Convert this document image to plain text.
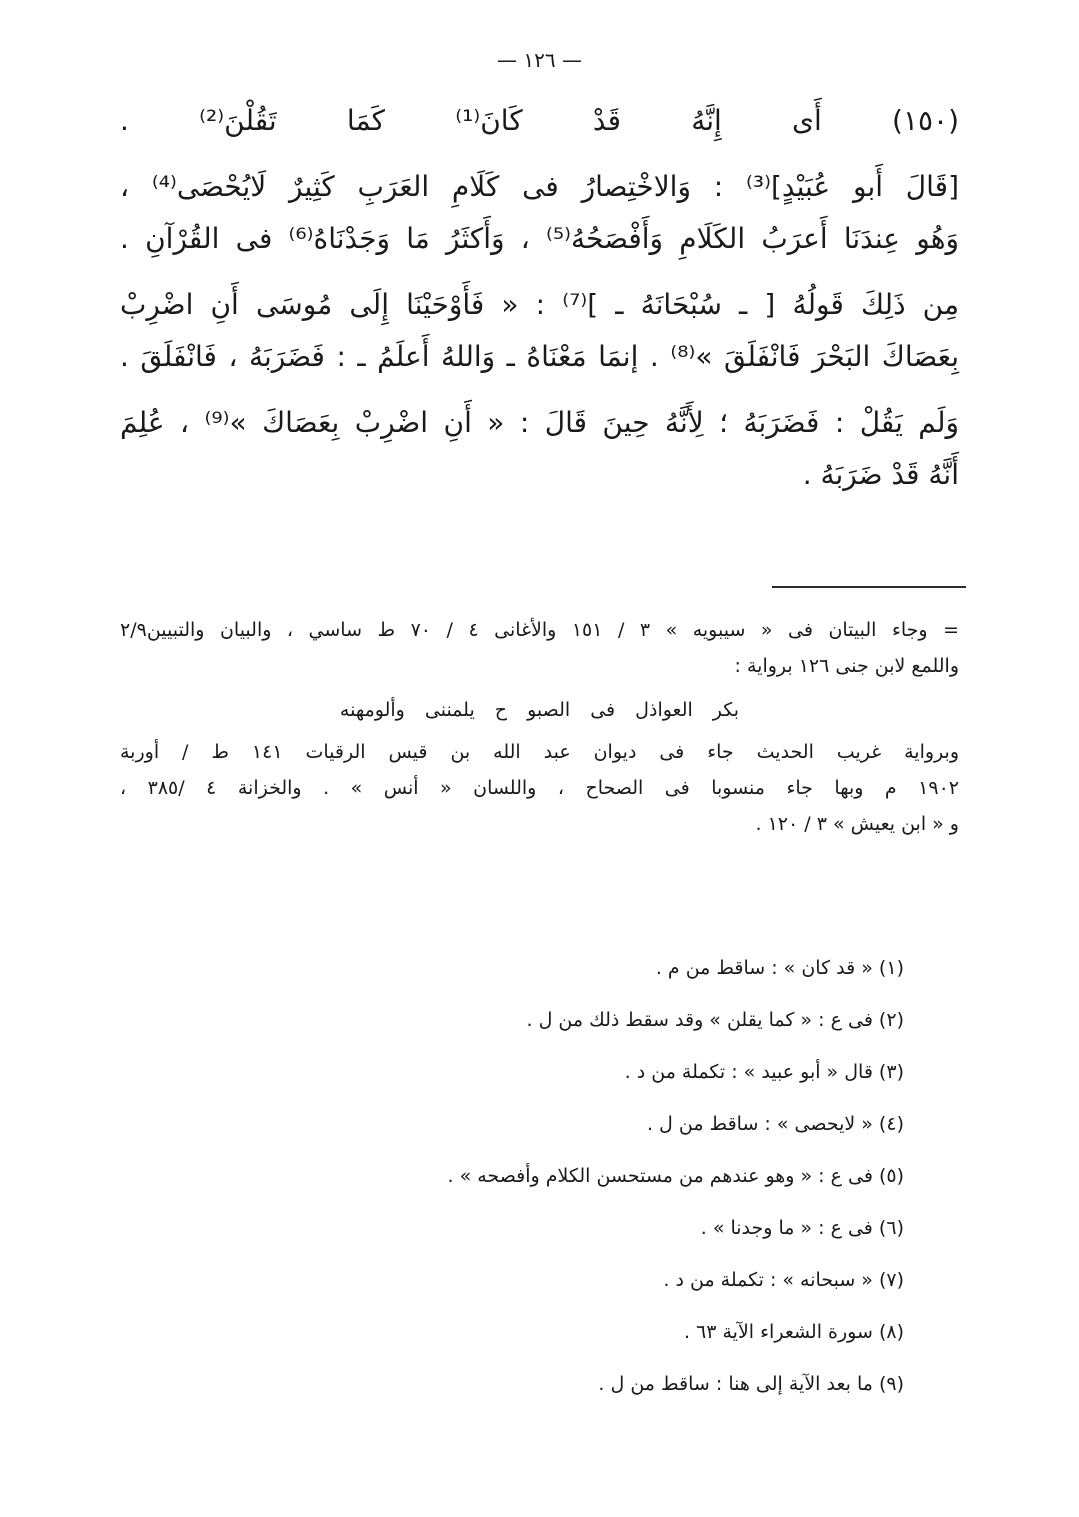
— ١٢٦ —
(١٥٠) أَى إِنَّهُ قَدْ كَانَ⁽¹⁾ كَمَا تَقُلْنَ⁽²⁾ .
[قَالَ أَبو عُبَيْدٍ]⁽³⁾ : وَالاخْتِصارُ فى كَلَامِ العَرَبِ كَثِيرٌ لَايُحْصَى⁽⁴⁾ ،
وَهُو عِندَنَا أَعرَبُ الكَلَامِ وَأَفْصَحُهُ⁽⁵⁾ ، وَأَكثَرُ مَا وَجَدْنَاهُ⁽⁶⁾ فى القُرْآنِ .
مِن ذَلِكَ قَولُهُ [ ـ سُبْحَانَهُ ـ ]⁽⁷⁾ : « فَأَوْحَيْنَا إِلَى مُوسَى أَنِ اضْرِبْ
بِعَصَاكَ البَحْرَ فَانْفَلَقَ »⁽⁸⁾ . إنمَا مَعْنَاهُ ـ وَاللهُ أَعلَمُ ـ : فَضَرَبَهُ ، فَانْفَلَقَ .
وَلَم يَقُلْ : فَضَرَبَهُ ؛ لِأَنَّهُ حِينَ قَالَ : « أَنِ اضْرِبْ بِعَصَاكَ »⁽⁹⁾ ، عُلِمَ
أَنَّهُ قَدْ ضَرَبَهُ .
= وجاء البيتان فى « سيبويه » ٣ / ١٥١ والأغانى ٤ / ٧٠ ط ساسي ، والبيان والتبيين٢/٩
واللمع لابن جنى ١٢٦ برواية :
بكر العواذل فى الصبو ح يلمننى وألومهنه
وبرواية غريب الحديث جاء فى ديوان عبد الله بن قيس الرقيات ١٤١ ط / أوربة
١٩٠٢ م وبها جاء منسوبا فى الصحاح ، واللسان « أنس » . والخزانة ٤ /٣٨٥ ،
و « ابن يعيش » ٣ / ١٢٠ .
(١) « قد كان » : ساقط من م .
(٢) فى ع : « كما يقلن » وقد سقط ذلك من ل .
(٣) قال « أبو عبيد » : تكملة من د .
(٤) « لايحصى » : ساقط من ل .
(٥) فى ع : « وهو عندهم من مستحسن الكلام وأفصحه » .
(٦) فى ع : « ما وجدنا » .
(٧) « سبحانه » : تكملة من د .
(٨) سورة الشعراء الآية ٦٣ .
(٩) ما بعد الآية إلى هنا : ساقط من ل .
